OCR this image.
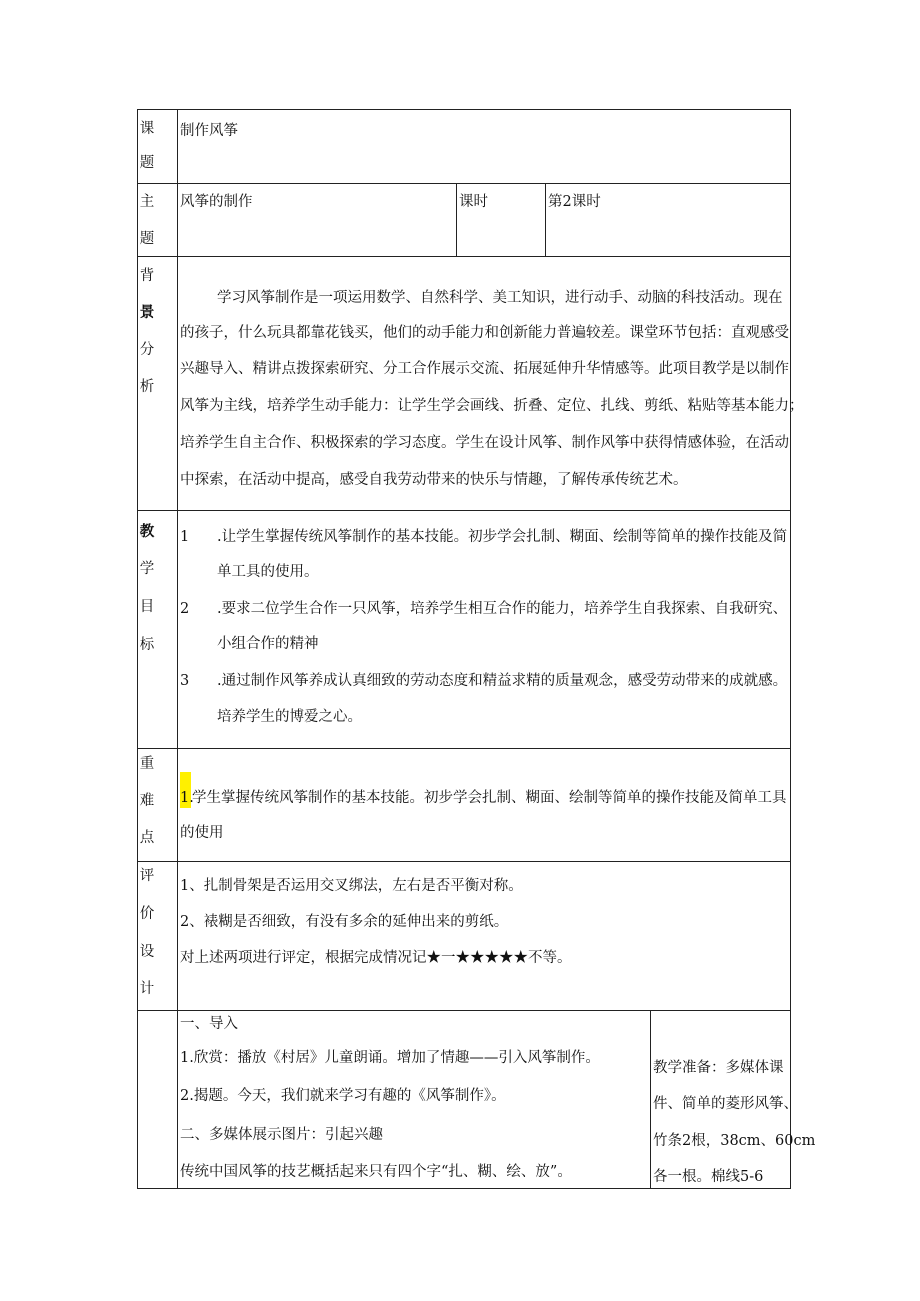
课
题
制作风筝
主
题
风筝的制作	课时	第2课时
背
景
分
析
学习风筝制作是一项运用数学、自然科学、美工知识，进行动手、动脑的科技活动。现在
的孩子，什么玩具都靠花钱买，他们的动手能力和创新能力普遍较差。课堂环节包括：直观感受
兴趣导入、精讲点拨探索研究、分工合作展示交流、拓展延伸升华情感等。此项目教学是以制作
风筝为主线，培养学生动手能力：让学生学会画线、折叠、定位、扎线、剪纸、粘贴等基本能力；
培养学生自主合作、积极探索的学习态度。学生在设计风筝、制作风筝中获得情感体验，在活动
中探索，在活动中提高，感受自我劳动带来的快乐与情趣，了解传承传统艺术。
教
学
目
标
1 .让学生掌握传统风筝制作的基本技能。初步学会扎制、糊面、绘制等简单的操作技能及简
单工具的使用。
2 .要求二位学生合作一只风筝，培养学生相互合作的能力，培养学生自我探索、自我研究、
小组合作的精神
3 .通过制作风筝养成认真细致的劳动态度和精益求精的质量观念，感受劳动带来的成就感。
培养学生的博爱之心。
重
难
点
1.
学生掌握传统风筝制作的基本技能。初步学会扎制、糊面、绘制等简单的操作技能及简单工具
的使用
评
价
设
计
1、扎制骨架是否运用交叉绑法，左右是否平衡对称。
2、裱糊是否细致，有没有多余的延伸出来的剪纸。
对上述两项进行评定，根据完成情况记★一★★★★★不等。
一、导入
1.欣赏：播放《村居》儿童朗诵。增加了情趣——引入风筝制作。
2.揭题。今天，我们就来学习有趣的《风筝制作》。
二、多媒体展示图片：引起兴趣
传统中国风筝的技艺概括起来只有四个字“扎、糊、绘、放”。
教学准备：多媒体课
件、简单的菱形风筝、
竹条2根，38cm、60cm
各一根。棉线5-6
